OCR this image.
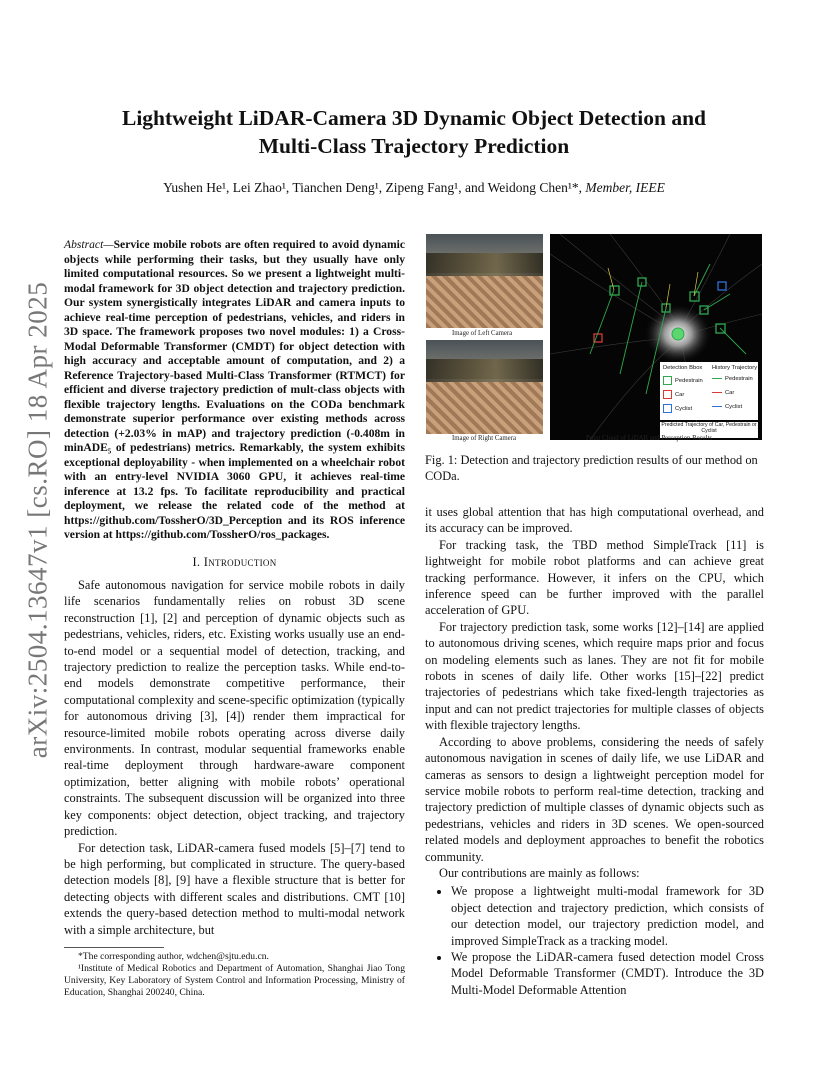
arXiv:2504.13647v1 [cs.RO] 18 Apr 2025
Lightweight LiDAR-Camera 3D Dynamic Object Detection and
Multi-Class Trajectory Prediction
Yushen He¹, Lei Zhao¹, Tianchen Deng¹, Zipeng Fang¹, and Weidong Chen¹*, Member, IEEE
Abstract—Service mobile robots are often required to avoid dynamic objects while performing their tasks, but they usually have only limited computational resources. So we present a lightweight multi-modal framework for 3D object detection and trajectory prediction. Our system synergistically integrates LiDAR and camera inputs to achieve real-time perception of pedestrians, vehicles, and riders in 3D space. The framework proposes two novel modules: 1) a Cross-Modal Deformable Transformer (CMDT) for object detection with high accuracy and acceptable amount of computation, and 2) a Reference Trajectory-based Multi-Class Transformer (RTMCT) for efficient and diverse trajectory prediction of mult-class objects with flexible trajectory lengths. Evaluations on the CODa benchmark demonstrate superior performance over existing methods across detection (+2.03% in mAP) and trajectory prediction (-0.408m in minADE₅ of pedestrians) metrics. Remarkably, the system exhibits exceptional deployability - when implemented on a wheelchair robot with an entry-level NVIDIA 3060 GPU, it achieves real-time inference at 13.2 fps. To facilitate reproducibility and practical deployment, we release the related code of the method at https://github.com/TossherO/3D_Perception and its ROS inference version at https://github.com/TossherO/ros_packages.
I. Introduction

Safe autonomous navigation for service mobile robots in daily life scenarios fundamentally relies on robust 3D scene reconstruction [1], [2] and perception of dynamic objects such as pedestrians, vehicles, riders, etc. Existing works usually use an end-to-end model or a sequential model of detection, tracking, and trajectory prediction to realize the perception tasks. While end-to-end models demonstrate competitive performance, their computational complexity and scene-specific optimization (typically for autonomous driving [3], [4]) render them impractical for resource-limited mobile robots operating across diverse daily environments. In contrast, modular sequential frameworks enable real-time deployment through hardware-aware component optimization, better aligning with mobile robots’ operational constraints. The subsequent discussion will be organized into three key components: object detection, object tracking, and trajectory prediction.

For detection task, LiDAR-camera fused models [5]–[7] tend to be high performing, but complicated in structure. The query-based detection models [8], [9] have a flexible structure that is better for detecting objects with different scales and distributions. CMT [10] extends the query-based detection method to multi-modal network with a simple architecture, but

*The corresponding author, wdchen@sjtu.edu.cn.

¹Institute of Medical Robotics and Department of Automation, Shanghai Jiao Tong University, Key Laboratory of System Control and Information Processing, Ministry of Education, Shanghai 200240, China.

Image of Left Camera
Image of Right Camera
Detection Bbox History Trajectory
Pedestrain
Car
Cyclist
Pedestrain
Car
Cyclist
Predicted Trajectory of Car, Pedestrain or Cyclist
Point Cloud of LiDAR and Perception Results
Fig. 1: Detection and trajectory prediction results of our method on CODa.

it uses global attention that has high computational overhead, and its accuracy can be improved.

For tracking task, the TBD method SimpleTrack [11] is lightweight for mobile robot platforms and can achieve great tracking performance. However, it infers on the CPU, which inference speed can be further improved with the parallel acceleration of GPU.

For trajectory prediction task, some works [12]–[14] are applied to autonomous driving scenes, which require maps prior and focus on modeling elements such as lanes. They are not fit for mobile robots in scenes of daily life. Other works [15]–[22] predict trajectories of pedestrians which take fixed-length trajectories as input and can not predict trajectories for multiple classes of objects with flexible trajectory lengths.

According to above problems, considering the needs of safely autonomous navigation in scenes of daily life, we use LiDAR and cameras as sensors to design a lightweight perception model for service mobile robots to perform real-time detection, tracking and trajectory prediction of multiple classes of dynamic objects such as pedestrians, vehicles and riders in 3D scenes. We open-sourced related models and deployment approaches to benefit the robotics community.

Our contributions are mainly as follows:

• We propose a lightweight multi-modal framework for 3D object detection and trajectory prediction, which consists of our detection model, our trajectory prediction model, and improved SimpleTrack as a tracking model.
• We propose the LiDAR-camera fused detection model Cross Model Deformable Transformer (CMDT). Introduce the 3D Multi-Model Deformable Attention
